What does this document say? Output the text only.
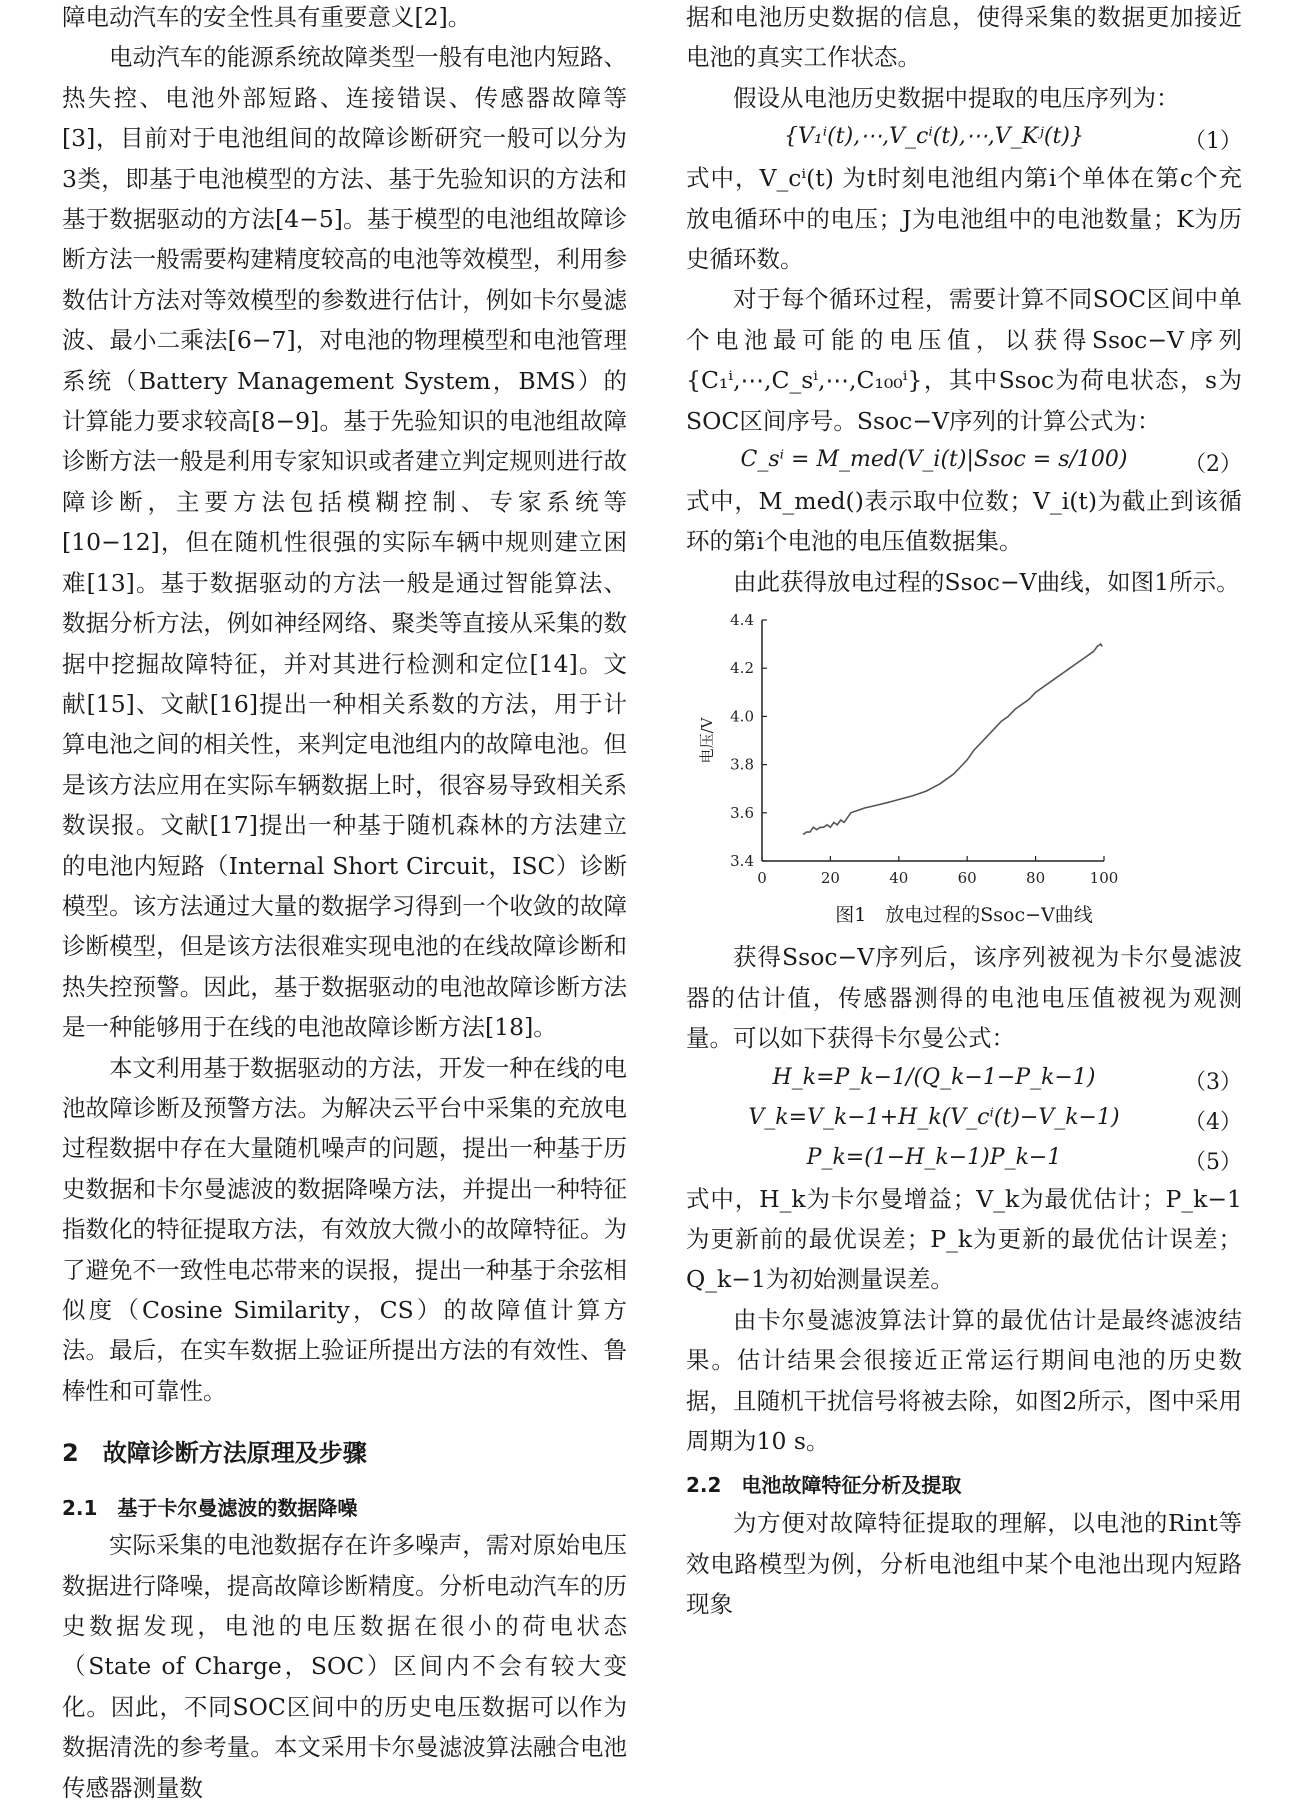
障电动汽车的安全性具有重要意义[2]。

电动汽车的能源系统故障类型一般有电池内短路、热失控、电池外部短路、连接错误、传感器故障等[3]，目前对于电池组间的故障诊断研究一般可以分为3类，即基于电池模型的方法、基于先验知识的方法和基于数据驱动的方法[4−5]。基于模型的电池组故障诊断方法一般需要构建精度较高的电池等效模型，利用参数估计方法对等效模型的参数进行估计，例如卡尔曼滤波、最小二乘法[6−7]，对电池的物理模型和电池管理系统（Battery Management System，BMS）的计算能力要求较高[8−9]。基于先验知识的电池组故障诊断方法一般是利用专家知识或者建立判定规则进行故障诊断，主要方法包括模糊控制、专家系统等[10−12]，但在随机性很强的实际车辆中规则建立困难[13]。基于数据驱动的方法一般是通过智能算法、数据分析方法，例如神经网络、聚类等直接从采集的数据中挖掘故障特征，并对其进行检测和定位[14]。文献[15]、文献[16]提出一种相关系数的方法，用于计算电池之间的相关性，来判定电池组内的故障电池。但是该方法应用在实际车辆数据上时，很容易导致相关系数误报。文献[17]提出一种基于随机森林的方法建立的电池内短路（Internal Short Circuit，ISC）诊断模型。该方法通过大量的数据学习得到一个收敛的故障诊断模型，但是该方法很难实现电池的在线故障诊断和热失控预警。因此，基于数据驱动的电池故障诊断方法是一种能够用于在线的电池故障诊断方法[18]。

本文利用基于数据驱动的方法，开发一种在线的电池故障诊断及预警方法。为解决云平台中采集的充放电过程数据中存在大量随机噪声的问题，提出一种基于历史数据和卡尔曼滤波的数据降噪方法，并提出一种特征指数化的特征提取方法，有效放大微小的故障特征。为了避免不一致性电芯带来的误报，提出一种基于余弦相似度（Cosine Similarity，CS）的故障值计算方法。最后，在实车数据上验证所提出方法的有效性、鲁棒性和可靠性。

2　故障诊断方法原理及步骤

2.1　基于卡尔曼滤波的数据降噪

实际采集的电池数据存在许多噪声，需对原始电压数据进行降噪，提高故障诊断精度。分析电动汽车的历史数据发现，电池的电压数据在很小的荷电状态（State of Charge，SOC）区间内不会有较大变化。因此，不同SOC区间中的历史电压数据可以作为数据清洗的参考量。本文采用卡尔曼滤波算法融合电池传感器测量数

据和电池历史数据的信息，使得采集的数据更加接近电池的真实工作状态。

假设从电池历史数据中提取的电压序列为：

{V₁ⁱ(t),⋯,V_cⁱ(t),⋯,V_Kʲ(t)}	（1）

式中，V_cⁱ(t) 为t时刻电池组内第i个单体在第c个充放电循环中的电压；J为电池组中的电池数量；K为历史循环数。

对于每个循环过程，需要计算不同SOC区间中单个电池最可能的电压值，以获得Ssoc−V序列{C₁ⁱ,⋯,C_sⁱ,⋯,C₁₀₀ⁱ}，其中Ssoc为荷电状态，s为SOC区间序号。Ssoc−V序列的计算公式为：

C_sⁱ = M_med(V_i(t)|Ssoc = s/100)	（2）

式中，M_med()表示取中位数；V_i(t)为截止到该循环的第i个电池的电压值数据集。

由此获得放电过程的Ssoc−V曲线，如图1所示。

0	20	40	60	80	100
3.4
3.6
3.8
4.0
4.2
4.4
电压/V

图1　放电过程的Ssoc−V曲线

获得Ssoc−V序列后，该序列被视为卡尔曼滤波器的估计值，传感器测得的电池电压值被视为观测量。可以如下获得卡尔曼公式：

H_k=P_k−1/(Q_k−1−P_k−1)	（3）
V_k=V_k−1+H_k(V_cⁱ(t)−V_k−1)	（4）
P_k=(1−H_k−1)P_k−1	（5）

式中，H_k为卡尔曼增益；V_k为最优估计；P_k−1为更新前的最优误差；P_k为更新的最优估计误差；Q_k−1为初始测量误差。

由卡尔曼滤波算法计算的最优估计是最终滤波结果。估计结果会很接近正常运行期间电池的历史数据，且随机干扰信号将被去除，如图2所示，图中采用周期为10 s。

2.2　电池故障特征分析及提取

为方便对故障特征提取的理解，以电池的Rint等效电路模型为例，分析电池组中某个电池出现内短路现象
